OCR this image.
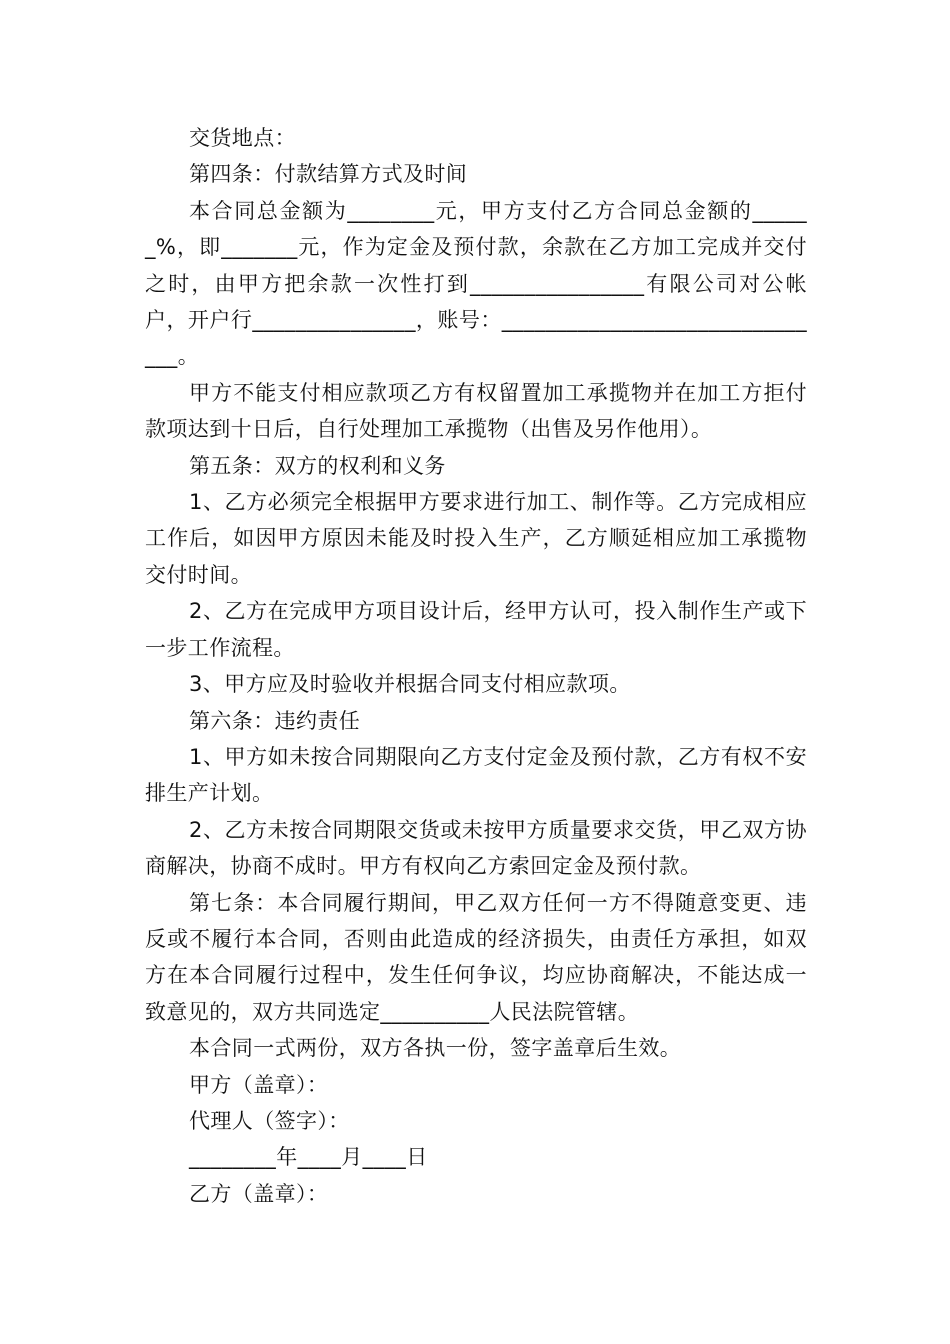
交货地点：

第四条：付款结算方式及时间

本合同总金额为________元，甲方支付乙方合同总金额的______%，即_______元，作为定金及预付款，余款在乙方加工完成并交付之时，由甲方把余款一次性打到________________有限公司对公帐户，开户行_______________，账号：_______________________________。

甲方不能支付相应款项乙方有权留置加工承揽物并在加工方拒付款项达到十日后，自行处理加工承揽物（出售及另作他用）。

第五条：双方的权利和义务

1、乙方必须完全根据甲方要求进行加工、制作等。乙方完成相应工作后，如因甲方原因未能及时投入生产，乙方顺延相应加工承揽物交付时间。

2、乙方在完成甲方项目设计后，经甲方认可，投入制作生产或下一步工作流程。

3、甲方应及时验收并根据合同支付相应款项。

第六条：违约责任

1、甲方如未按合同期限向乙方支付定金及预付款，乙方有权不安排生产计划。

2、乙方未按合同期限交货或未按甲方质量要求交货，甲乙双方协商解决，协商不成时。甲方有权向乙方索回定金及预付款。

第七条：本合同履行期间，甲乙双方任何一方不得随意变更、违反或不履行本合同，否则由此造成的经济损失，由责任方承担，如双方在本合同履行过程中，发生任何争议，均应协商解决，不能达成一致意见的，双方共同选定__________人民法院管辖。

本合同一式两份，双方各执一份，签字盖章后生效。

甲方（盖章）：

代理人（签字）：

________年____月____日

乙方（盖章）：
